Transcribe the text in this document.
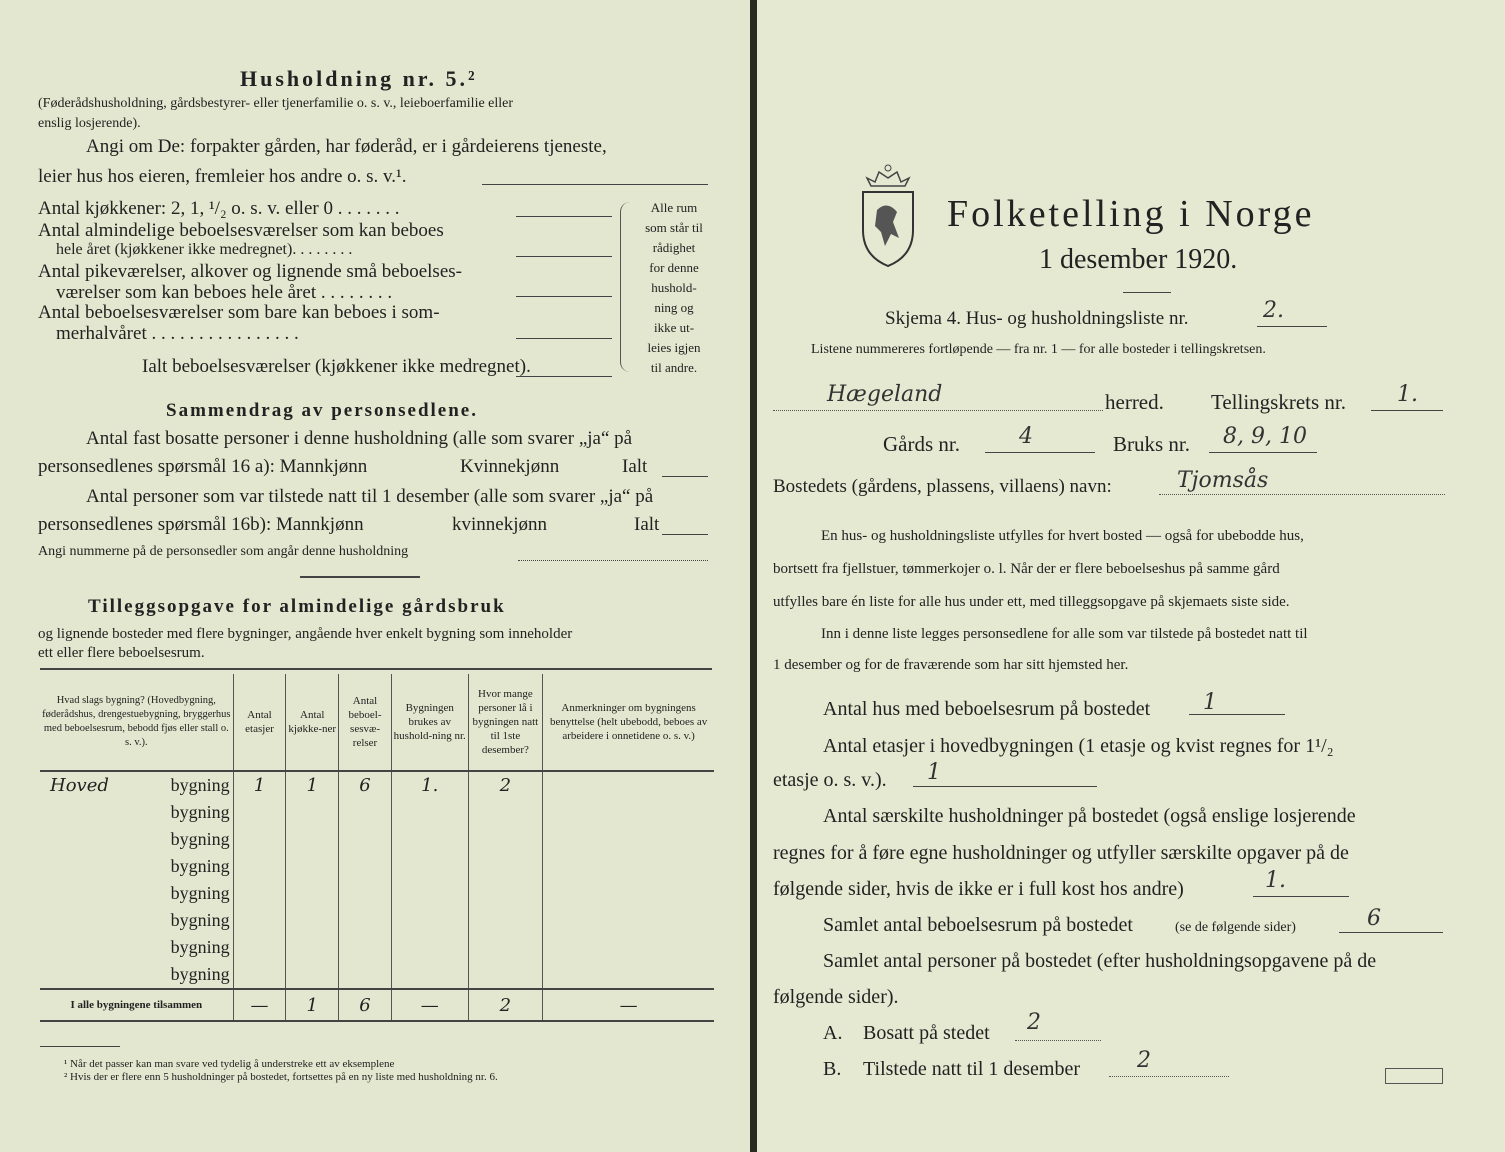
Husholdning nr. 5.²
(Føderådshusholdning, gårdsbestyrer- eller tjenerfamilie o. s. v., leieboerfamilie eller
enslig losjerende).
Angi om De: forpakter gården, har føderåd, er i gårdeierens tjeneste,
leier hus hos eieren, fremleier hos andre o. s. v.¹.
Antal kjøkkener: 2, 1, ¹/₂ o. s. v. eller 0 . . . . . . .
Antal almindelige beboelsesværelser som kan beboes
hele året (kjøkkener ikke medregnet). . . . . . . .
Antal pikeværelser, alkover og lignende små beboelses-
værelser som kan beboes hele året . . . . . . . .
Antal beboelsesværelser som bare kan beboes i som-
merhalvåret . . . . . . . . . . . . . . . .
Ialt beboelsesværelser (kjøkkener ikke medregnet).
Alle rum
som står til
rådighet
for denne
hushold-
ning og
ikke ut-
leies igjen
til andre.
Sammendrag av personsedlene.
Antal fast bosatte personer i denne husholdning (alle som svarer „ja“ på
personsedlenes spørsmål 16 a): Mannkjønn	Kvinnekjønn	Ialt
Antal personer som var tilstede natt til 1 desember (alle som svarer „ja“ på
personsedlenes spørsmål 16b): Mannkjønn	kvinnekjønn	Ialt
Angi nummerne på de personsedler som angår denne husholdning
Tilleggsopgave for almindelige gårdsbruk
og lignende bosteder med flere bygninger, angående hver enkelt bygning som inneholder
ett eller flere beboelsesrum.
Hvad slags bygning? (Hovedbygning, føderådshus, drengestuebygning, bryggerhus med beboelsesrum, bebodd fjøs eller stall o. s. v.).	Antal etasjer	Antal kjøkke-ner	Antal beboel-sesvæ-relser	Bygningen brukes av hushold-ning nr.	Hvor mange personer lå i bygningen natt til 1ste desember?	Anmerkninger om bygningens benyttelse (helt ubebodd, beboes av arbeidere i onnetidene o. s. v.)

Hoved bygning	1	1	6	1.	2	

bygning						

bygning						

bygning						

bygning						

bygning						

bygning						

bygning						
I alle bygningene tilsammen	—	1	6	—	2	—
¹ Når det passer kan man svare ved tydelig å understreke ett av eksemplene
² Hvis der er flere enn 5 husholdninger på bostedet, fortsettes på en ny liste med husholdning nr. 6.
Folketelling i Norge
1 desember 1920.
Skjema 4. Hus- og husholdningsliste nr.	2.
Listene nummereres fortløpende — fra nr. 1 — for alle bosteder i tellingskretsen.
Hægeland	herred. Tellingskrets nr. 1.
Gårds nr.	4	Bruks nr. 8, 9, 10
Bostedets (gårdens, plassens, villaens) navn:	Tjomsås
En hus- og husholdningsliste utfylles for hvert bosted — også for ubebodde hus,
bortsett fra fjellstuer, tømmerkojer o. l. Når der er flere beboelseshus på samme gård
utfylles bare én liste for alle hus under ett, med tilleggsopgave på skjemaets siste side.
Inn i denne liste legges personsedlene for alle som var tilstede på bostedet natt til
1 desember og for de fraværende som har sitt hjemsted her.
Antal hus med beboelsesrum på bostedet 1
Antal etasjer i hovedbygningen (1 etasje og kvist regnes for 1¹/₂
etasje o. s. v.). 1
Antal særskilte husholdninger på bostedet (også enslige losjerende
regnes for å føre egne husholdninger og utfyller særskilte opgaver på de
følgende sider, hvis de ikke er i full kost hos andre)	1.
Samlet antal beboelsesrum på bostedet	(se de følgende sider)	6
Samlet antal personer på bostedet (efter husholdningsopgavene på de
følgende sider).
A. Bosatt på stedet 2
B. Tilstede natt til 1 desember	2
